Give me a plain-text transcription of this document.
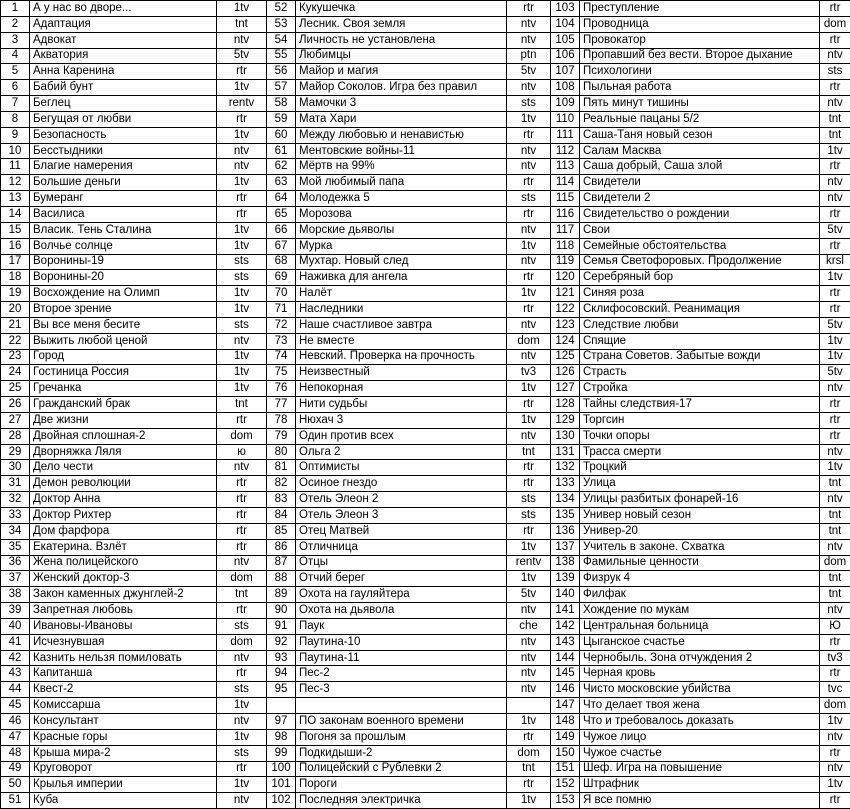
1	А у нас во дворе...	1tv	52	Кукушечка	rtr	103	Преступление	rtr
2	Адаптация	tnt	53	Лесник. Своя земля	ntv	104	Проводница	dom
3	Адвокат	ntv	54	Личность не установлена	ntv	105	Провокатор	rtr
4	Акватория	5tv	55	Любимцы	ptn	106	Пропавший без вести. Второе дыхание	ntv
5	Анна Каренина	rtr	56	Майор и магия	5tv	107	Психологини	sts
6	Бабий бунт	1tv	57	Майор Соколов. Игра без правил	ntv	108	Пыльная работа	rtr
7	Беглец	rentv	58	Мамочки 3	sts	109	Пять минут тишины	ntv
8	Бегущая от любви	rtr	59	Мата Хари	1tv	110	Реальные пацаны 5/2	tnt
9	Безопасность	1tv	60	Между любовью и ненавистью	rtr	111	Саша-Таня новый сезон	tnt
10	Бесстыдники	ntv	61	Ментовские войны-11	ntv	112	Салам Масква	1tv
11	Благие намерения	ntv	62	Мёртв на 99%	ntv	113	Саша добрый, Саша злой	rtr
12	Большие деньги	1tv	63	Мой любимый папа	rtr	114	Свидетели	ntv
13	Бумеранг	rtr	64	Молодежка 5	sts	115	Свидетели 2	ntv
14	Василиса	rtr	65	Морозова	rtr	116	Свидетельство о рождении	rtr
15	Власик. Тень Сталина	1tv	66	Морские дьяволы	ntv	117	Свои	5tv
16	Волчье солнце	1tv	67	Мурка	1tv	118	Семейные обстоятельства	rtr
17	Воронины-19	sts	68	Мухтар. Новый след	ntv	119	Семья Светофоровых. Продолжение	krsl
18	Воронины-20	sts	69	Наживка для ангела	rtr	120	Серебряный бор	1tv
19	Восхождение на Олимп	1tv	70	Налёт	1tv	121	Синяя роза	rtr
20	Второе зрение	1tv	71	Наследники	rtr	122	Склифосовский. Реанимация	rtr
21	Вы все меня бесите	sts	72	Наше счастливое завтра	ntv	123	Следствие любви	5tv
22	Выжить любой ценой	ntv	73	Не вместе	dom	124	Спящие	1tv
23	Город	1tv	74	Невский. Проверка на прочность	ntv	125	Страна Советов. Забытые вожди	1tv
24	Гостиница Россия	1tv	75	Неизвестный	tv3	126	Страсть	5tv
25	Гречанка	1tv	76	Непокорная	1tv	127	Стройка	ntv
26	Гражданский брак	tnt	77	Нити судьбы	rtr	128	Тайны следствия-17	rtr
27	Две жизни	rtr	78	Нюхач 3	1tv	129	Торгсин	rtr
28	Двойная сплошная-2	dom	79	Один против всех	ntv	130	Точки опоры	rtr
29	Дворняжка Ляля	ю	80	Ольга 2	tnt	131	Трасса смерти	ntv
30	Дело чести	ntv	81	Оптимисты	rtr	132	Троцкий	1tv
31	Демон революции	rtr	82	Осиное гнездо	rtr	133	Улица	tnt
32	Доктор Анна	rtr	83	Отель Элеон 2	sts	134	Улицы разбитых фонарей-16	ntv
33	Доктор Рихтер	rtr	84	Отель Элеон 3	sts	135	Универ новый сезон	tnt
34	Дом фарфора	rtr	85	Отец Матвей	rtr	136	Универ-20	tnt
35	Екатерина. Взлёт	rtr	86	Отличница	1tv	137	Учитель в законе. Схватка	ntv
36	Жена полицейского	ntv	87	Отцы	rentv	138	Фамильные ценности	dom
37	Женский доктор-3	dom	88	Отчий берег	1tv	139	Физрук 4	tnt
38	Закон каменных джунглей-2	tnt	89	Охота на гауляйтера	5tv	140	Филфак	tnt
39	Запретная любовь	rtr	90	Охота на дьявола	ntv	141	Хождение по мукам	ntv
40	Ивановы-Ивановы	sts	91	Паук	che	142	Центральная больница	Ю
41	Исчезнувшая	dom	92	Паутина-10	ntv	143	Цыганское счастье	rtr
42	Казнить нельзя помиловать	ntv	93	Паутина-11	ntv	144	Чернобыль. Зона отчуждения 2	tv3
43	Капитанша	rtr	94	Пес-2	ntv	145	Черная кровь	rtr
44	Квест-2	sts	95	Пес-3	ntv	146	Чисто московские убийства	tvc
45	Комиссарша	1tv				147	Что делает твоя жена	dom
46	Консультант	ntv	97	ПО законам военного времени	1tv	148	Что и требовалось доказать	1tv
47	Красные горы	1tv	98	Погоня за прошлым	rtr	149	Чужое лицо	ntv
48	Крыша мира-2	sts	99	Подкидыши-2	dom	150	Чужое счастье	rtr
49	Круговорот	rtr	100	Полицейский с Рублевки 2	tnt	151	Шеф. Игра на повышение	ntv
50	Крылья империи	1tv	101	Пороги	rtr	152	Штрафник	1tv
51	Куба	ntv	102	Последняя электричка	1tv	153	Я все помню	rtr
